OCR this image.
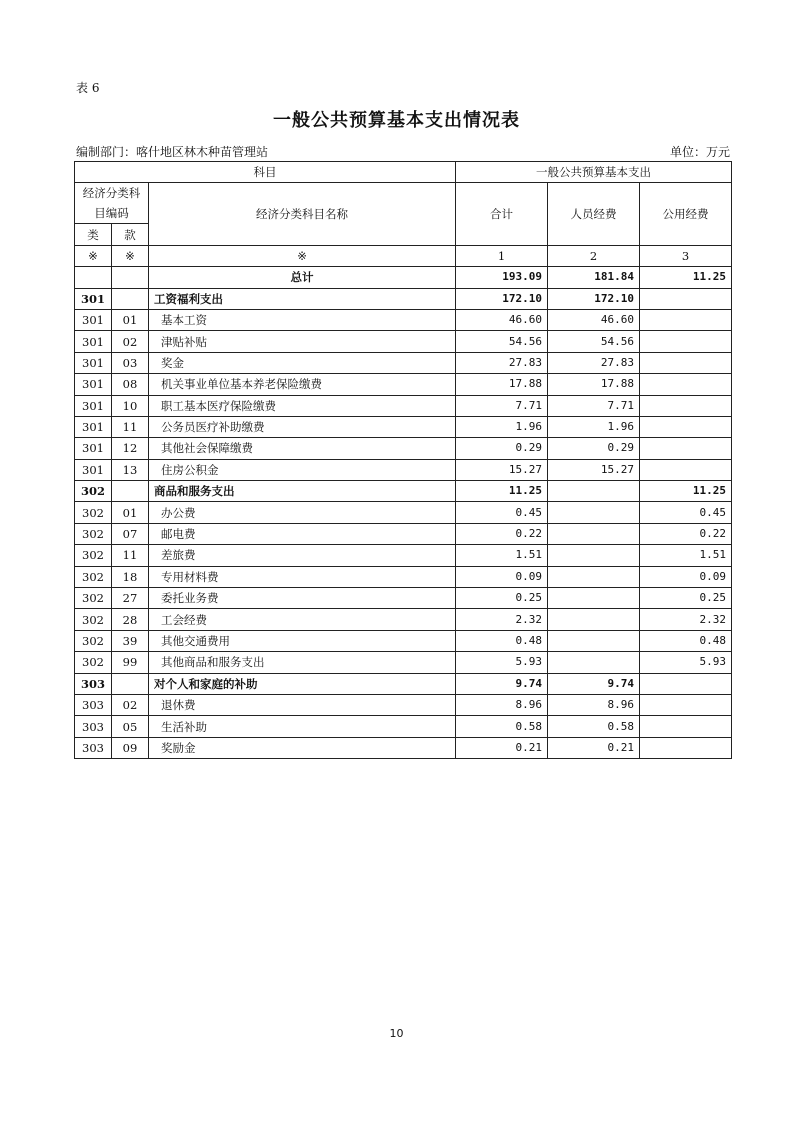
表 6
一般公共预算基本支出情况表
编制部门：喀什地区林木种苗管理站	单位：万元
科目			一般公共预算基本支出		
经济分类科目编码		经济分类科目名称	合计	人员经费	公用经费

类	款				
※	※	※	1	2	3
		总计	193.09	181.84	11.25
301		工资福利支出	172.10	172.10	
301	01	基本工资	46.60	46.60	
301	02	津贴补贴	54.56	54.56	
301	03	奖金	27.83	27.83	
301	08	机关事业单位基本养老保险缴费	17.88	17.88	
301	10	职工基本医疗保险缴费	7.71	7.71	
301	11	公务员医疗补助缴费	1.96	1.96	
301	12	其他社会保障缴费	0.29	0.29	
301	13	住房公积金	15.27	15.27	
302		商品和服务支出	11.25		11.25
302	01	办公费	0.45		0.45
302	07	邮电费	0.22		0.22
302	11	差旅费	1.51		1.51
302	18	专用材料费	0.09		0.09
302	27	委托业务费	0.25		0.25
302	28	工会经费	2.32		2.32
302	39	其他交通费用	0.48		0.48
302	99	其他商品和服务支出	5.93		5.93
303		对个人和家庭的补助	9.74	9.74	
303	02	退休费	8.96	8.96	
303	05	生活补助	0.58	0.58	
303	09	奖励金	0.21	0.21	
10
